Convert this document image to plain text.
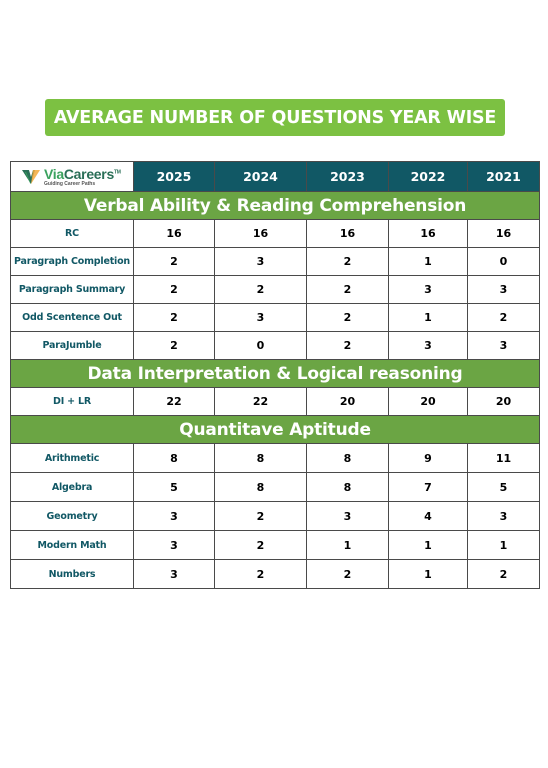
AVERAGE NUMBER OF QUESTIONS YEAR WISE
ViaCareers™
Guiding Career Paths	2025	2024	2023	2022	2021
Verbal Ability & Reading Comprehension					
RC	16	16	16	16	16
Paragraph Completion	2	3	2	1	0
Paragraph Summary	2	2	2	3	3
Odd Scentence Out	2	3	2	1	2
ParaJumble	2	0	2	3	3
Data Interpretation & Logical reasoning					
DI + LR	22	22	20	20	20
Quantitave Aptitude					
Arithmetic	8	8	8	9	11
Algebra	5	8	8	7	5
Geometry	3	2	3	4	3
Modern Math	3	2	1	1	1
Numbers	3	2	2	1	2
